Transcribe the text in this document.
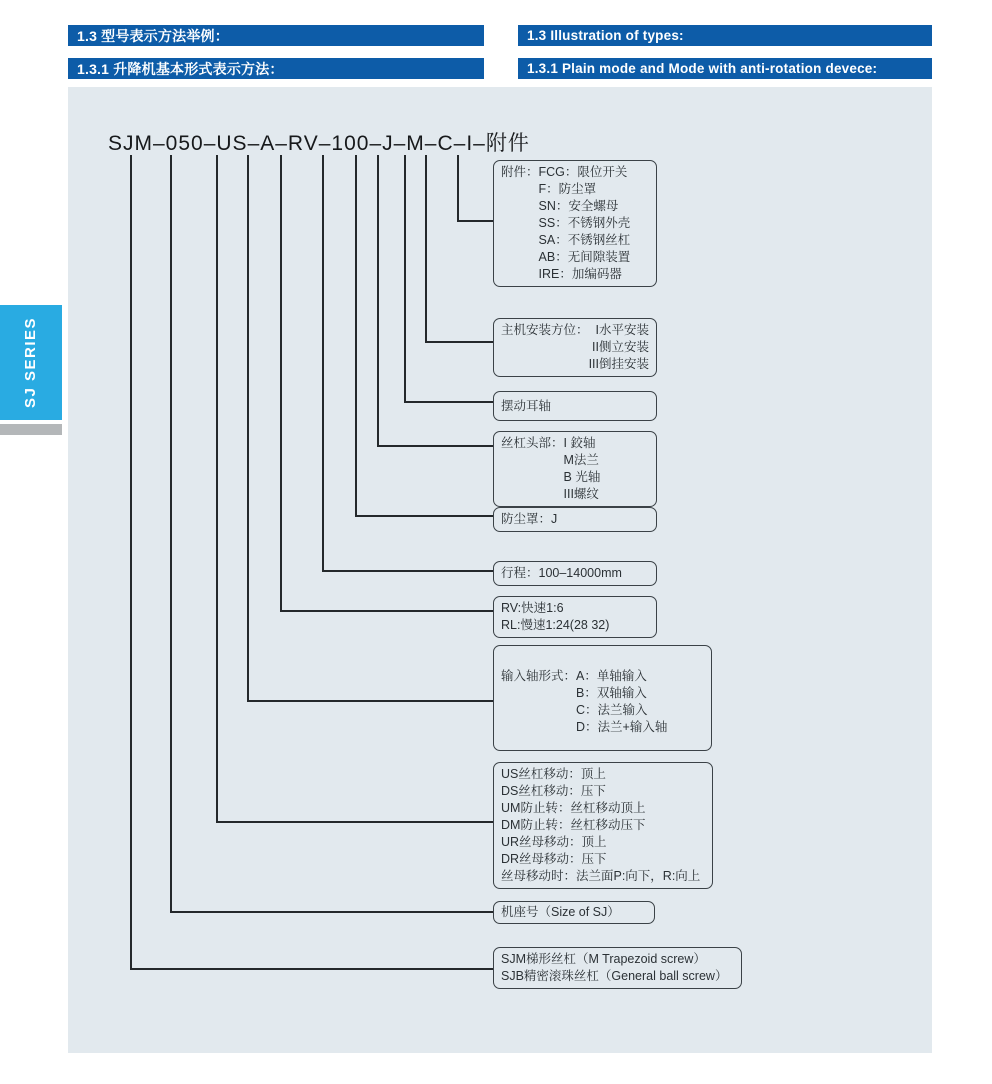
1.3 型号表示方法举例：	1.3 Illustration of types:
1.3.1 升降机基本形式表示方法：	1.3.1 Plain mode and Mode with anti-rotation devece:
SJM–050–US–A–RV–100–J–M–C–I–附件
附件： FCG：限位开关
F：防尘罩
SN：安全螺母
SS：不锈钢外壳
SA：不锈钢丝杠
AB：无间隙装置
IRE：加编码器
主机安装方位： I水平安装
II侧立安装
III倒挂安装
摆动耳轴
丝杠头部： I 鉸轴
M法兰
B 光轴
III螺纹
防尘罩：J
行程：100–14000mm
RV:快速1:6
RL:慢速1:24(28 32)
输入轴形式： A：单轴输入
B：双轴输入
C：法兰输入
D：法兰+输入轴
US丝杠移动：顶上
DS丝杠移动：压下
UM防止转：丝杠移动顶上
DM防止转：丝杠移动压下
UR丝母移动：顶上
DR丝母移动：压下
丝母移动时：法兰面P:向下，R:向上
机座号（Size of SJ）
SJM梯形丝杠（M Trapezoid screw）
SJB精密滚珠丝杠（General ball screw）
SJ SERIES
